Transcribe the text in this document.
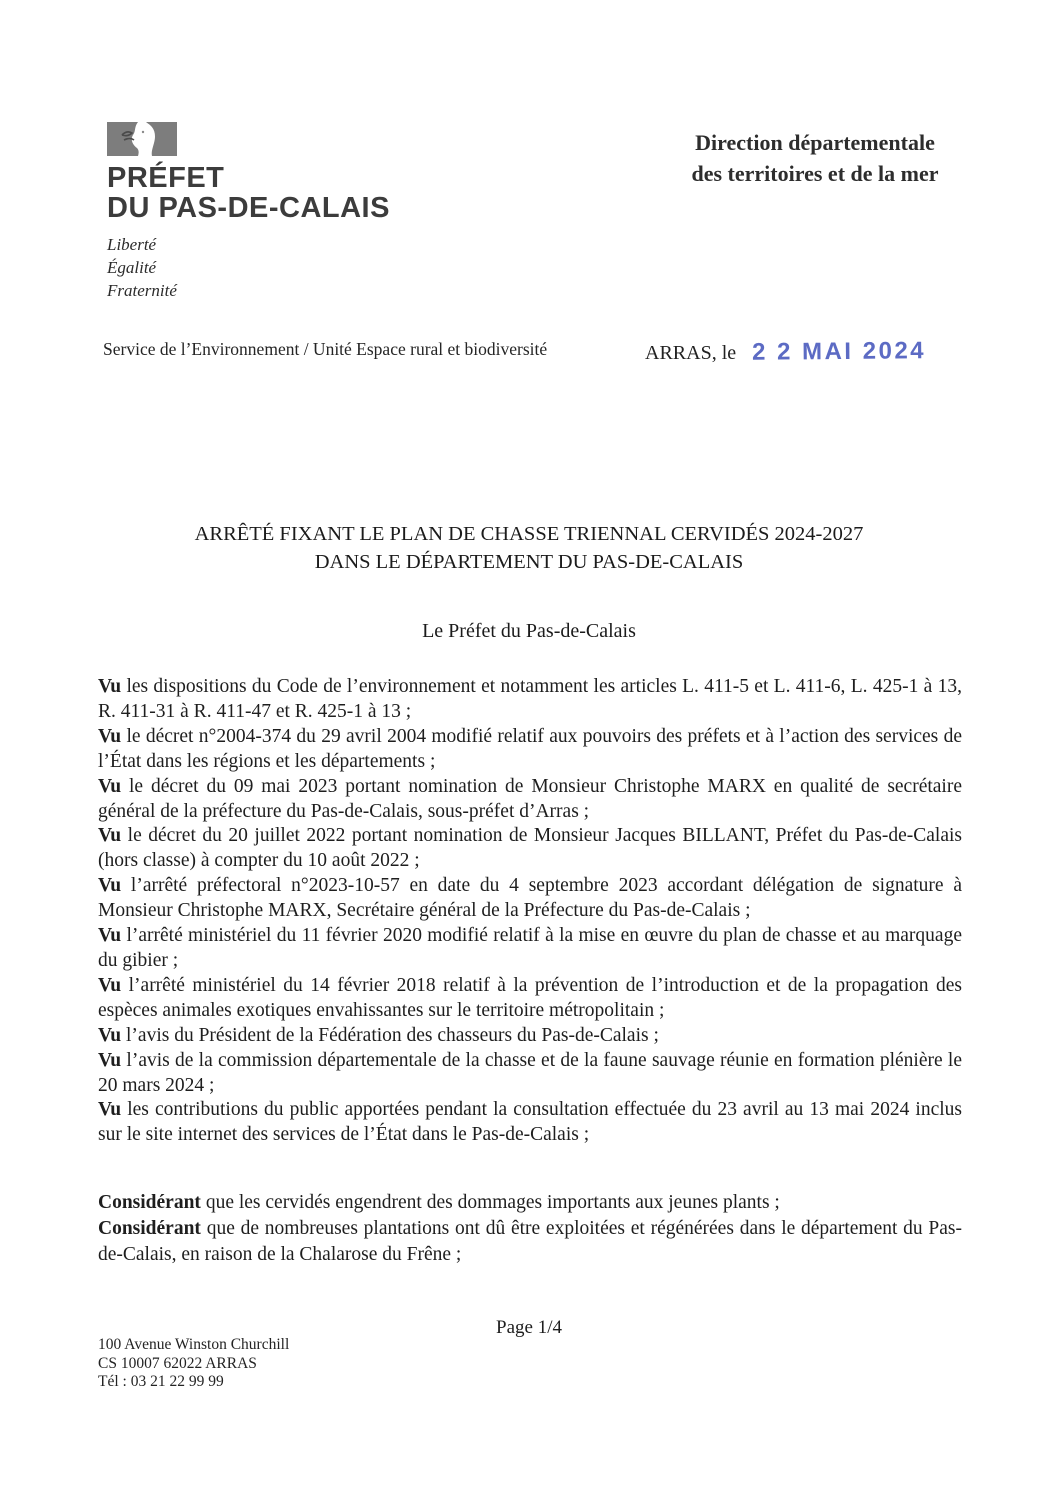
PRÉFET
DU PAS-DE-CALAIS
Liberté
Égalité
Fraternité
Direction départementale
des territoires et de la mer
Service de l’Environnement / Unité Espace rural et biodiversité	ARRAS, le 2 2 MAI 2024
ARRÊTÉ FIXANT LE PLAN DE CHASSE TRIENNAL CERVIDÉS 2024-2027
DANS LE DÉPARTEMENT DU PAS-DE-CALAIS
Le Préfet du Pas-de-Calais

Vu les dispositions du Code de l’environnement et notamment les articles L. 411-5 et L. 411-6, L. 425-1 à 13, R. 411-31 à R. 411-47 et R. 425-1 à 13 ;

Vu le décret n°2004-374 du 29 avril 2004 modifié relatif aux pouvoirs des préfets et à l’action des services de l’État dans les régions et les départements ;

Vu le décret du 09 mai 2023 portant nomination de Monsieur Christophe MARX en qualité de secrétaire général de la préfecture du Pas-de-Calais, sous-préfet d’Arras ;

Vu le décret du 20 juillet 2022 portant nomination de Monsieur Jacques BILLANT, Préfet du Pas-de-Calais (hors classe) à compter du 10 août 2022 ;

Vu l’arrêté préfectoral n°2023-10-57 en date du 4 septembre 2023 accordant délégation de signature à Monsieur Christophe MARX, Secrétaire général de la Préfecture du Pas-de-Calais ;

Vu l’arrêté ministériel du 11 février 2020 modifié relatif à la mise en œuvre du plan de chasse et au marquage du gibier ;

Vu l’arrêté ministériel du 14 février 2018 relatif à la prévention de l’introduction et de la propagation des espèces animales exotiques envahissantes sur le territoire métropolitain ;

Vu l’avis du Président de la Fédération des chasseurs du Pas-de-Calais ;

Vu l’avis de la commission départementale de la chasse et de la faune sauvage réunie en formation plénière le 20 mars 2024 ;

Vu les contributions du public apportées pendant la consultation effectuée du 23 avril au 13 mai 2024 inclus sur le site internet des services de l’État dans le Pas-de-Calais ;

Considérant que les cervidés engendrent des dommages importants aux jeunes plants ;

Considérant que de nombreuses plantations ont dû être exploitées et régénérées dans le département du Pas-de-Calais, en raison de la Chalarose du Frêne ;

Page 1/4
100 Avenue Winston Churchill
CS 10007 62022 ARRAS
Tél : 03 21 22 99 99
